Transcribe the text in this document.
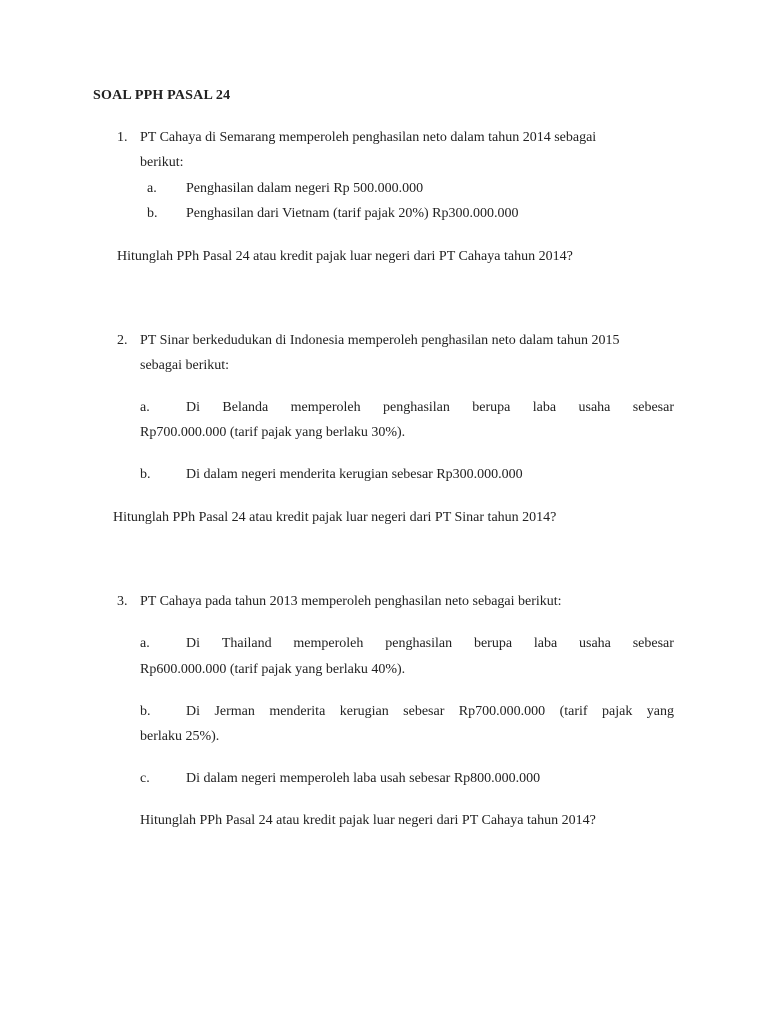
SOAL PPH PASAL 24
1. PT Cahaya di Semarang memperoleh penghasilan neto dalam tahun 2014 sebagai
berikut:
a. Penghasilan dalam negeri Rp 500.000.000
b. Penghasilan dari Vietnam (tarif pajak 20%) Rp300.000.000
Hitunglah PPh Pasal 24 atau kredit pajak luar negeri dari PT Cahaya tahun 2014?
2. PT Sinar berkedudukan di Indonesia memperoleh penghasilan neto dalam tahun 2015
sebagai berikut:
a.	Di Belanda memperoleh penghasilan berupa laba usaha sebesar
Rp700.000.000 (tarif pajak yang berlaku 30%).
b.	Di dalam negeri menderita kerugian sebesar Rp300.000.000
Hitunglah PPh Pasal 24 atau kredit pajak luar negeri dari PT Sinar tahun 2014?
3. PT Cahaya pada tahun 2013 memperoleh penghasilan neto sebagai berikut:
a.	Di Thailand memperoleh penghasilan berupa laba usaha sebesar
Rp600.000.000 (tarif pajak yang berlaku 40%).
b.	Di Jerman menderita kerugian sebesar Rp700.000.000 (tarif pajak yang
berlaku 25%).
c.	Di dalam negeri memperoleh laba usah sebesar Rp800.000.000
Hitunglah PPh Pasal 24 atau kredit pajak luar negeri dari PT Cahaya tahun 2014?
